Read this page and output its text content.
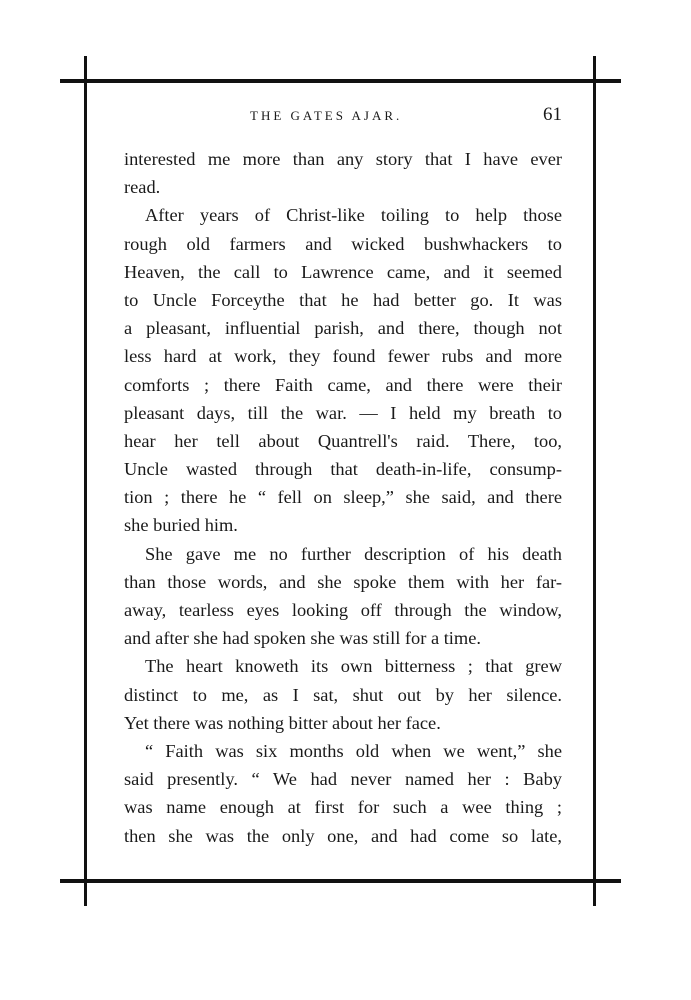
THE GATES AJAR.	61
interested me more than any story that I have ever
read.
After years of Christ-like toiling to help those
rough old farmers and wicked bushwhackers to
Heaven, the call to Lawrence came, and it seemed
to Uncle Forceythe that he had better go. It was
a pleasant, influential parish, and there, though not
less hard at work, they found fewer rubs and more
comforts ; there Faith came, and there were their
pleasant days, till the war. — I held my breath to
hear her tell about Quantrell's raid. There, too,
Uncle wasted through that death-in-life, consump-
tion ; there he “ fell on sleep,” she said, and there
she buried him.
She gave me no further description of his death
than those words, and she spoke them with her far-
away, tearless eyes looking off through the window,
and after she had spoken she was still for a time.
The heart knoweth its own bitterness ; that grew
distinct to me, as I sat, shut out by her silence.
Yet there was nothing bitter about her face.
“ Faith was six months old when we went,” she
said presently. “ We had never named her : Baby
was name enough at first for such a wee thing ;
then she was the only one, and had come so late,
